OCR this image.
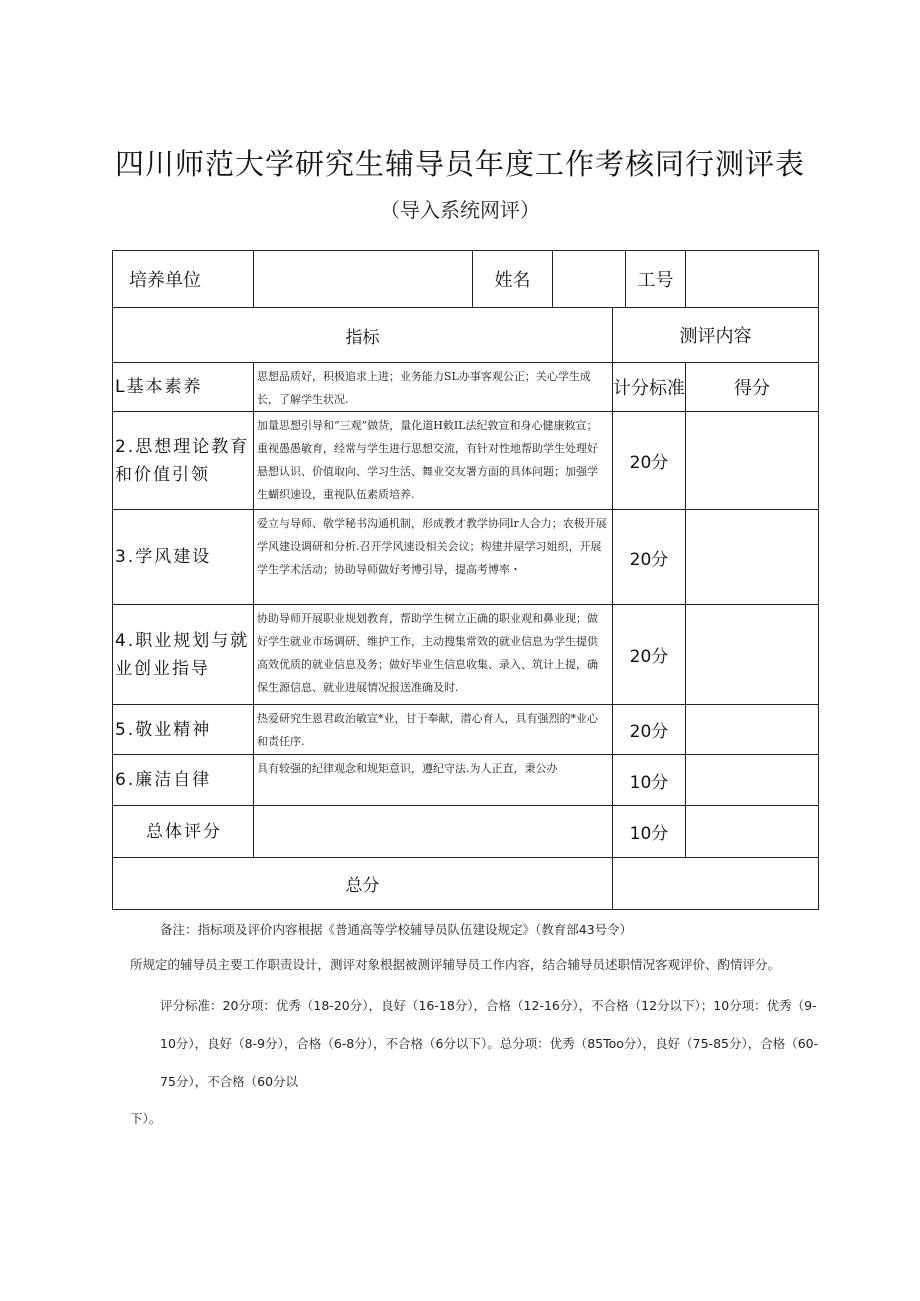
四川师范大学研究生辅导员年度工作考核同行测评表
（导入系统网评）
培养单位		姓名			工号	
指标				测评内容		
L基本素养	思想品质好，积极追求上进；业务能力SL办事客观公正；关心学生成长，了解学生状况.			计分标准		得分
2.思想理论教育和价值引领	加量思想引导和“三观”做货，量化道H敕IL法纪敦宣和身心健康敕宣；重视愚愚敏育，经常与学生进行思想交流，有针对性地帮助学生处理好悬想认识、价值取向、学习生活、舞业交友署方面的具体问题；加强学生蝴织速设，重视队伍素质培养.			20分		
3.学风建设	爱立与导师、敬学秘书沟通机制，形成教才教学协同lr人合力；农极开展学风建设调研和分析.召开学风速设相关会议；构建并屋学习姐织，开展学生学术活动；协助导师做好考博引导，提高考博率・			20分		
4.职业规划与就业创业指导	协助导师开展职业规划教育，帮助学生树立正确的职业观和鼻业现；做好学生就业市场调研、维护工作，主动搜集常效的就业信息为学生提供高效优质的就业信息及务；做好毕业生信息收集、录入、筑计上提，确保生源信息、就业进展情况报送准确及时.			20分		
5.敬业精神	热爱研究生恩君政治敏宣*业，甘于奉献，潜心育人，具有强烈的*业心和责任序.			20分		
6.廉洁自律	具有较强的纪律观念和规矩意识，遵纪守法.为人正直，秉公办			10分		
总体评分				10分		
总分						

备注：指标项及评价内容根据《普通高等学校辅导员队伍建设规定》（教育部43号令）

所规定的辅导员主要工作职责设计，测评对象根据被测评辅导员工作内容，结合辅导员述职情况客观评价、酌情评分。

评分标准：20分项：优秀（18-20分），良好（16-18分），合格（12-16分），不合格（12分以下）；10分项：优秀（9-10分），良好（8-9分），合格（6-8分），不合格（6分以下）。总分项：优秀（85Too分），良好（75-85分），合格（60-75分），不合格（60分以

下）。
